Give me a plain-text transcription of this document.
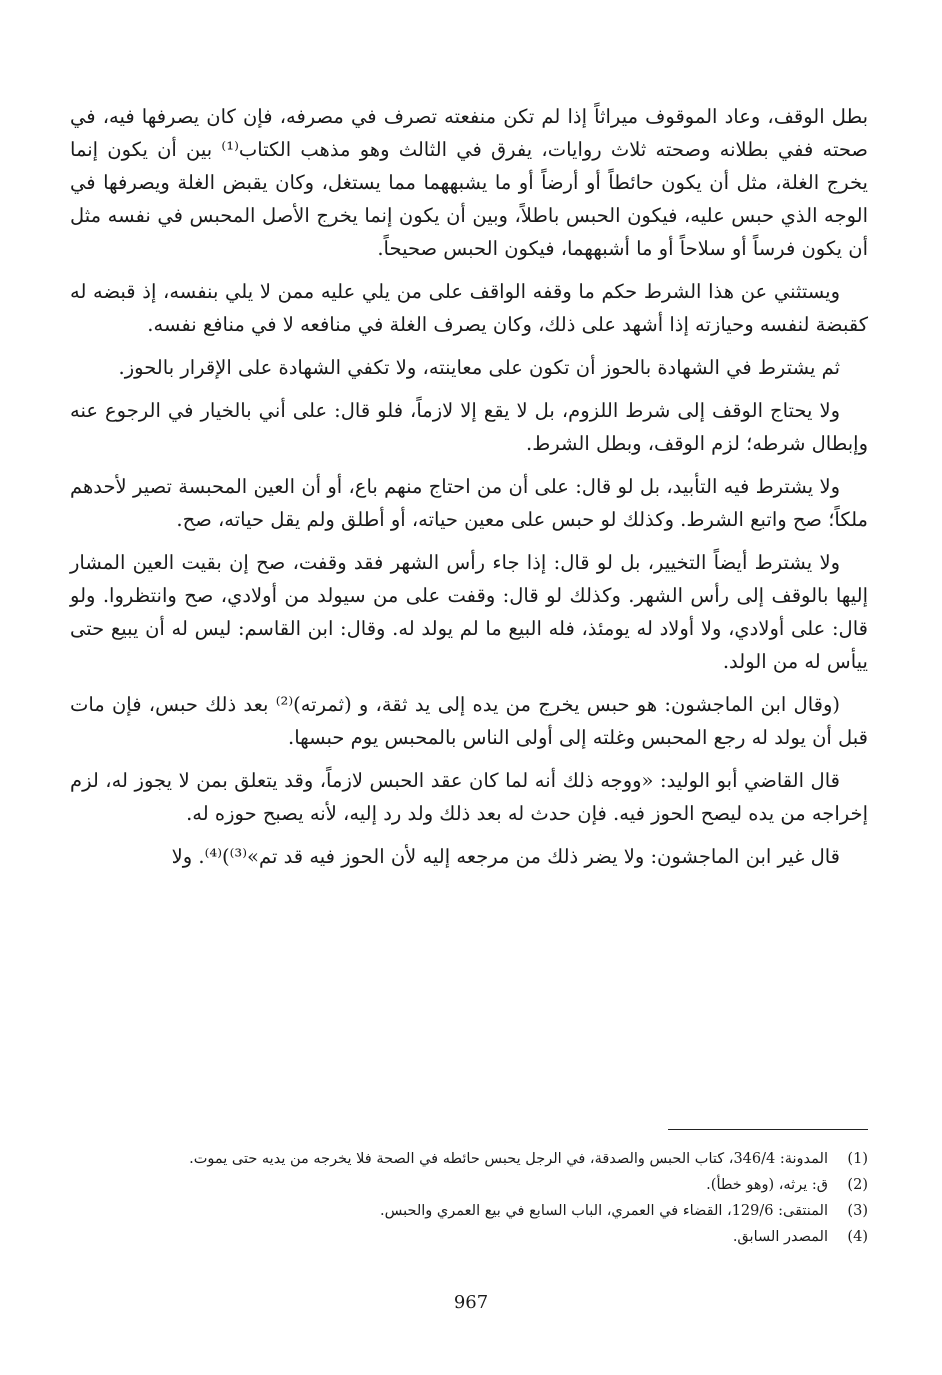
بطل الوقف، وعاد الموقوف ميراثاً إذا لم تكن منفعته تصرف في مصرفه، فإن كان يصرفها فيه، في صحته ففي بطلانه وصحته ثلاث روايات، يفرق في الثالث وهو مذهب الكتاب⁽¹⁾ بين أن يكون إنما يخرج الغلة، مثل أن يكون حائطاً أو أرضاً أو ما يشبههما مما يستغل، وكان يقبض الغلة ويصرفها في الوجه الذي حبس عليه، فيكون الحبس باطلاً، وبين أن يكون إنما يخرج الأصل المحبس في نفسه مثل أن يكون فرساً أو سلاحاً أو ما أشبههما، فيكون الحبس صحيحاً.

ويستثني عن هذا الشرط حكم ما وقفه الواقف على من يلي عليه ممن لا يلي بنفسه، إذ قبضه له كقبضة لنفسه وحيازته إذا أشهد على ذلك، وكان يصرف الغلة في منافعه لا في منافع نفسه.

ثم يشترط في الشهادة بالحوز أن تكون على معاينته، ولا تكفي الشهادة على الإقرار بالحوز.

ولا يحتاج الوقف إلى شرط اللزوم، بل لا يقع إلا لازماً، فلو قال: على أني بالخيار في الرجوع عنه وإبطال شرطه؛ لزم الوقف، وبطل الشرط.

ولا يشترط فيه التأبيد، بل لو قال: على أن من احتاج منهم باع، أو أن العين المحبسة تصير لأحدهم ملكاً؛ صح واتبع الشرط. وكذلك لو حبس على معين حياته، أو أطلق ولم يقل حياته، صح.

ولا يشترط أيضاً التخيير، بل لو قال: إذا جاء رأس الشهر فقد وقفت، صح إن بقيت العين المشار إليها بالوقف إلى رأس الشهر. وكذلك لو قال: وقفت على من سيولد من أولادي، صح وانتظروا. ولو قال: على أولادي، ولا أولاد له يومئذ، فله البيع ما لم يولد له. وقال: ابن القاسم: ليس له أن يبيع حتى ييأس له من الولد.

(وقال ابن الماجشون: هو حبس يخرج من يده إلى يد ثقة، و (ثمرته)⁽²⁾ بعد ذلك حبس، فإن مات قبل أن يولد له رجع المحبس وغلته إلى أولى الناس بالمحبس يوم حبسها.

قال القاضي أبو الوليد: «ووجه ذلك أنه لما كان عقد الحبس لازماً، وقد يتعلق بمن لا يجوز له، لزم إخراجه من يده ليصح الحوز فيه. فإن حدث له بعد ذلك ولد رد إليه، لأنه يصبح حوزه له.

قال غير ابن الماجشون: ولا يضر ذلك من مرجعه إليه لأن الحوز فيه قد تم»⁽³⁾)⁽⁴⁾. ولا

(1)
المدونة: 346/4، كتاب الحبس والصدقة، في الرجل يحبس حائطه في الصحة فلا يخرجه من يديه حتى يموت.
(2)
ق: يرثه، (وهو خطأ).
(3)
المنتقى: 129/6، القضاء في العمري، الباب السابع في بيع العمري والحبس.
(4)
المصدر السابق.
967
